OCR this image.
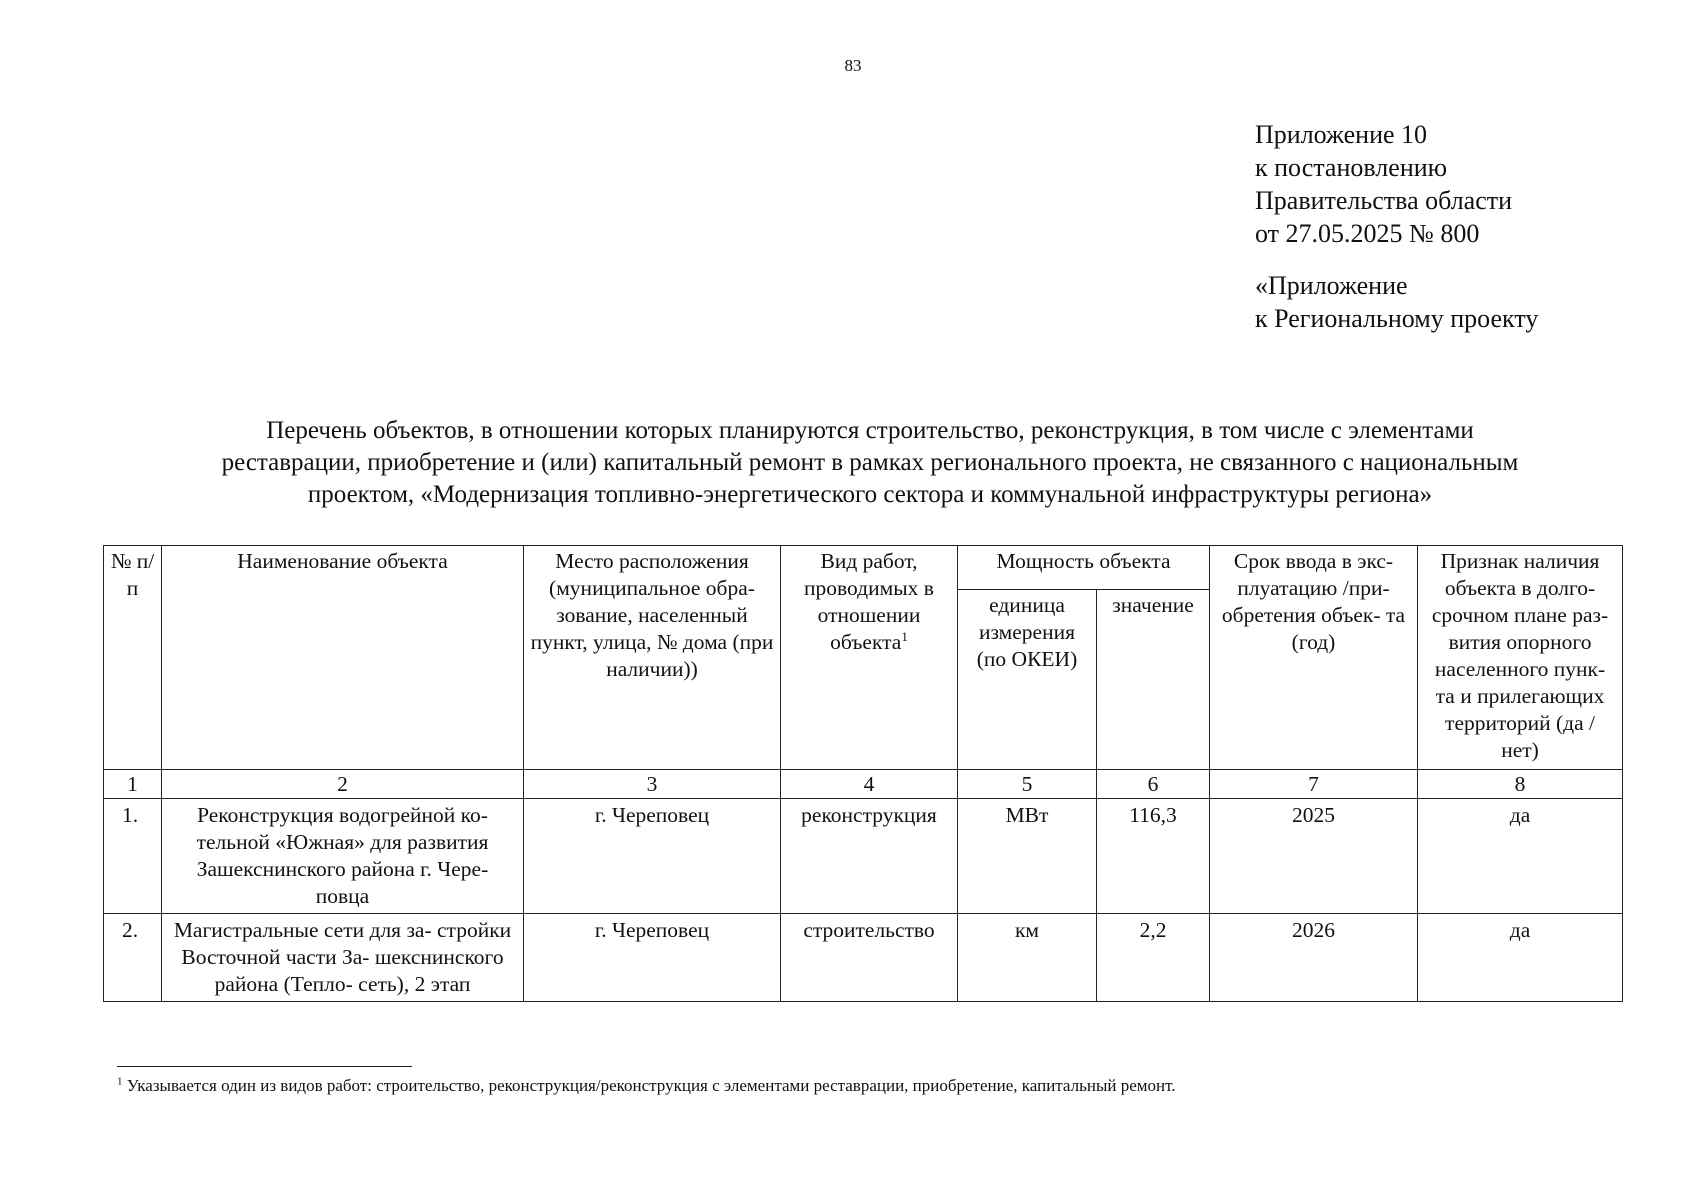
83
Приложение 10
к постановлению
Правительства области
от 27.05.2025 № 800
«Приложение
к Региональному проекту
Перечень объектов, в отношении которых планируются строительство, реконструкция, в том числе с элементами
реставрации, приобретение и (или) капитальный ремонт в рамках регионального проекта, не связанного с национальным
проектом, «Модернизация топливно-энергетического сектора и коммунальной инфраструктуры региона»
№ п/п	Наименование объекта	Место расположения (муниципальное обра- зование, населенный пункт, улица, № дома (при наличии))	Вид работ, проводимых в отношении объекта$^1$	Мощность объекта		Срок ввода в экс- плуатацию /при- обретения объек- та (год)	Признак наличия объекта в долго- срочном плане раз- вития опорного населенного пунк- та и прилегающих территорий (да / нет)
				единица измерения (по ОКЕИ)	значение		
1	2	3	4	5	6	7	8
1.	Реконструкция водогрейной ко- тельной «Южная» для развития Зашекснинского района г. Чере- повца	г. Череповец	реконструкция	МВт	116,3	2025	да
2.	Магистральные сети для за- стройки Восточной части За- шекснинского района (Тепло- сеть), 2 этап	г. Череповец	строительство	км	2,2	2026	да
$^1$ Указывается один из видов работ: строительство, реконструкция/реконструкция с элементами реставрации, приобретение, капитальный ремонт.
